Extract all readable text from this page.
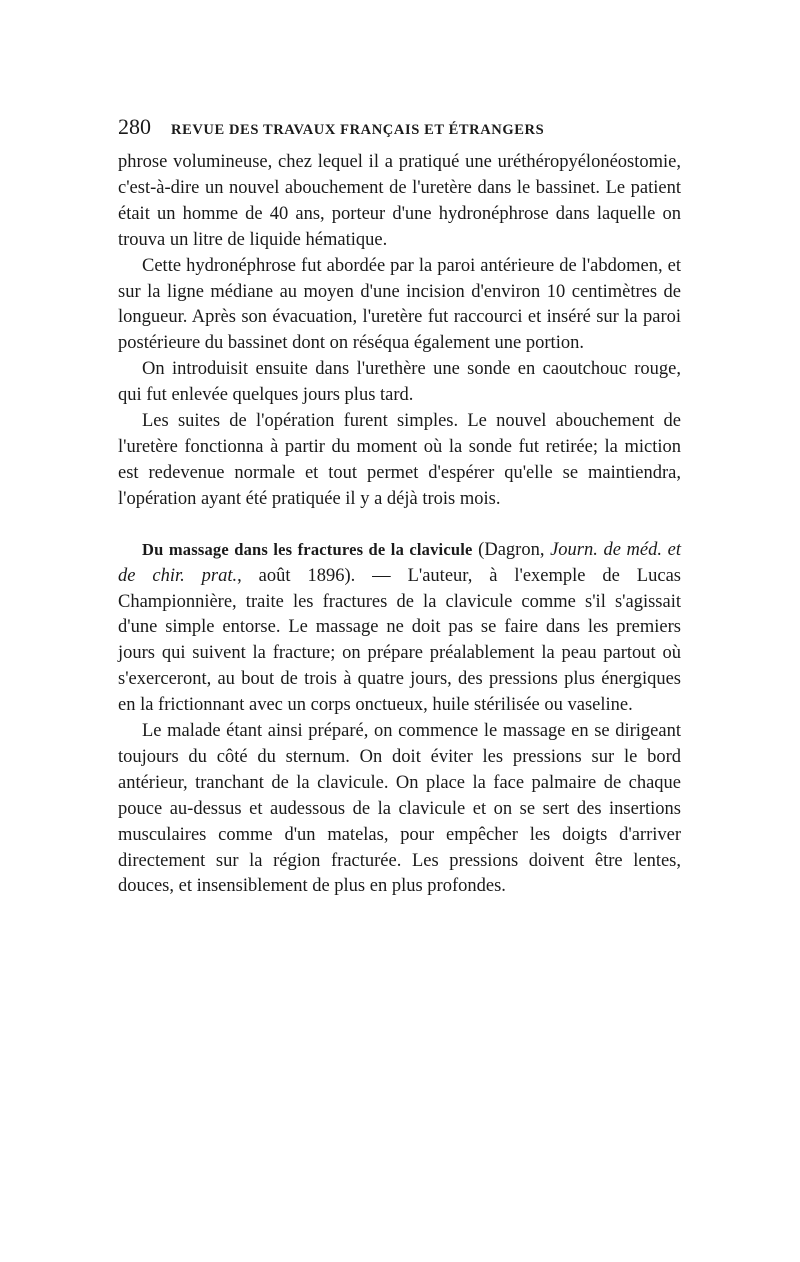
280 REVUE DES TRAVAUX FRANÇAIS ET ÉTRANGERS

phrose volumineuse, chez lequel il a pratiqué une uréthéropyélonéostomie, c'est-à-dire un nouvel abouchement de l'uretère dans le bassinet. Le patient était un homme de 40 ans, porteur d'une hydronéphrose dans laquelle on trouva un litre de liquide hématique.

Cette hydronéphrose fut abordée par la paroi antérieure de l'abdomen, et sur la ligne médiane au moyen d'une incision d'environ 10 centimètres de longueur. Après son évacuation, l'uretère fut raccourci et inséré sur la paroi postérieure du bassinet dont on réséqua également une portion.

On introduisit ensuite dans l'urethère une sonde en caoutchouc rouge, qui fut enlevée quelques jours plus tard.

Les suites de l'opération furent simples. Le nouvel abouchement de l'uretère fonctionna à partir du moment où la sonde fut retirée; la miction est redevenue normale et tout permet d'espérer qu'elle se maintiendra, l'opération ayant été pratiquée il y a déjà trois mois.

Du massage dans les fractures de la clavicule (Dagron, Journ. de méd. et de chir. prat., août 1896). — L'auteur, à l'exemple de Lucas Championnière, traite les fractures de la clavicule comme s'il s'agissait d'une simple entorse. Le massage ne doit pas se faire dans les premiers jours qui suivent la fracture; on prépare préalablement la peau partout où s'exerceront, au bout de trois à quatre jours, des pressions plus énergiques en la frictionnant avec un corps onctueux, huile stérilisée ou vaseline.

Le malade étant ainsi préparé, on commence le massage en se dirigeant toujours du côté du sternum. On doit éviter les pressions sur le bord antérieur, tranchant de la clavicule. On place la face palmaire de chaque pouce au-dessus et audessous de la clavicule et on se sert des insertions musculaires comme d'un matelas, pour empêcher les doigts d'arriver directement sur la région fracturée. Les pressions doivent être lentes, douces, et insensiblement de plus en plus profondes.
